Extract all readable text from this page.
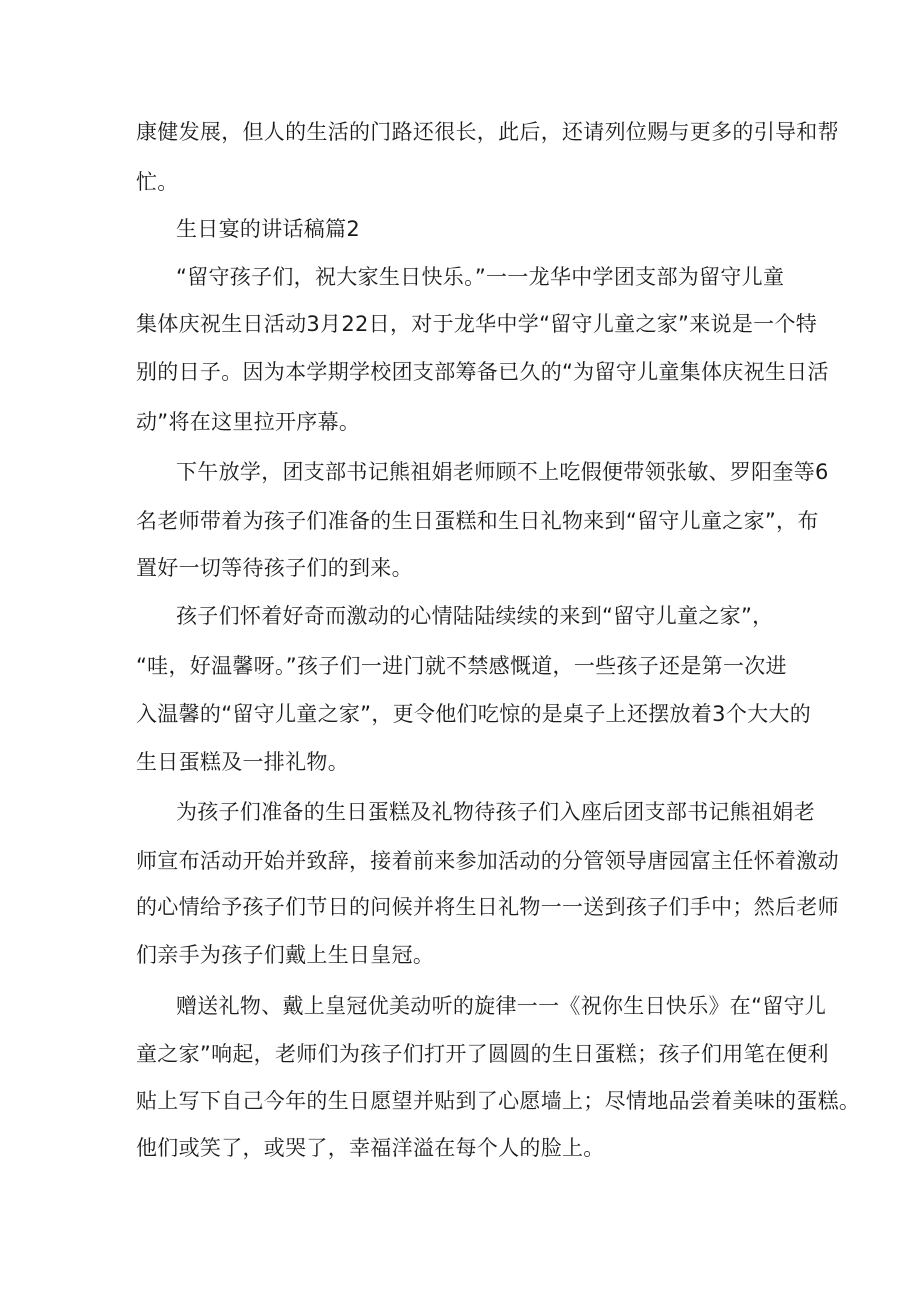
康健发展，但人的生活的门路还很长，此后，还请列位赐与更多的引导和帮
忙。
生日宴的讲话稿篇2
“留守孩子们，祝大家生日快乐。”一一龙华中学团支部为留守儿童
集体庆祝生日活动3月22日，对于龙华中学“留守儿童之家”来说是一个特
别的日子。因为本学期学校团支部筹备已久的“为留守儿童集体庆祝生日活
动”将在这里拉开序幕。
下午放学，团支部书记熊祖娟老师顾不上吃假便带领张敏、罗阳奎等6
名老师带着为孩子们准备的生日蛋糕和生日礼物来到“留守儿童之家”，布
置好一切等待孩子们的到来。
孩子们怀着好奇而激动的心情陆陆续续的来到“留守儿童之家”，
“哇，好温馨呀。”孩子们一进门就不禁感慨道，一些孩子还是第一次进
入温馨的“留守儿童之家”，更令他们吃惊的是桌子上还摆放着3个大大的
生日蛋糕及一排礼物。
为孩子们准备的生日蛋糕及礼物待孩子们入座后团支部书记熊祖娟老
师宣布活动开始并致辞，接着前来参加活动的分管领导唐园富主任怀着激动
的心情给予孩子们节日的问候并将生日礼物一一送到孩子们手中；然后老师
们亲手为孩子们戴上生日皇冠。
赠送礼物、戴上皇冠优美动听的旋律一一《祝你生日快乐》在“留守儿
童之家”响起，老师们为孩子们打开了圆圆的生日蛋糕；孩子们用笔在便利
贴上写下自己今年的生日愿望并贴到了心愿墙上；尽情地品尝着美味的蛋糕。
他们或笑了，或哭了，幸福洋溢在每个人的脸上。
